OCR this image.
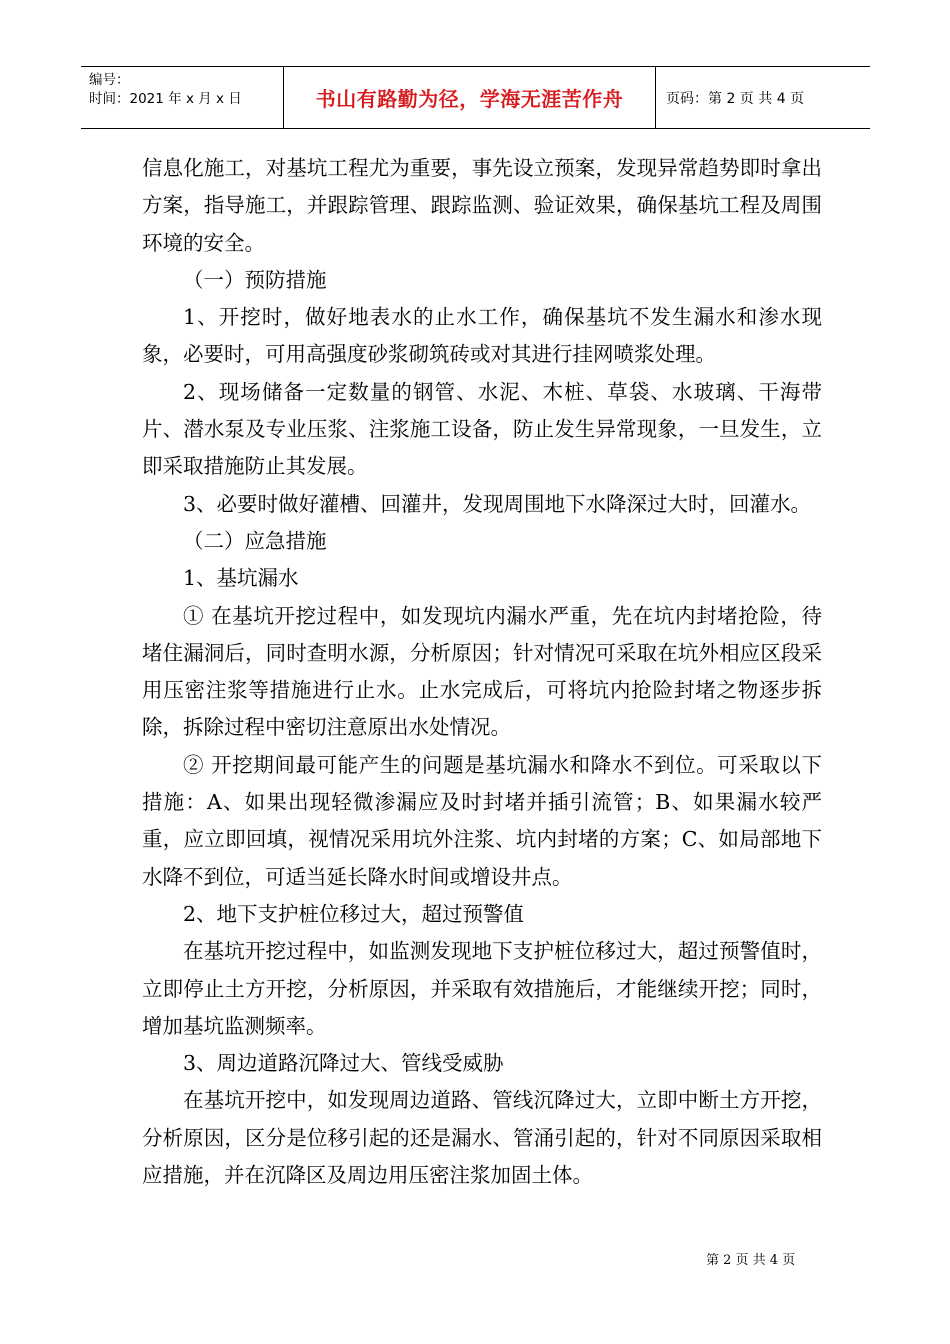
编号：
时间：2021 年 x 月 x 日	书山有路勤为径，学海无涯苦作舟	页码：第 2 页 共 4 页

信息化施工，对基坑工程尤为重要，事先设立预案，发现异常趋势即时拿出方案，指导施工，并跟踪管理、跟踪监测、验证效果，确保基坑工程及周围环境的安全。

（一）预防措施

1、开挖时，做好地表水的止水工作，确保基坑不发生漏水和渗水现象，必要时，可用高强度砂浆砌筑砖或对其进行挂网喷浆处理。

2、现场储备一定数量的钢管、水泥、木桩、草袋、水玻璃、干海带片、潜水泵及专业压浆、注浆施工设备，防止发生异常现象，一旦发生，立即采取措施防止其发展。

3、必要时做好灌槽、回灌井，发现周围地下水降深过大时，回灌水。

（二）应急措施

1、基坑漏水

① 在基坑开挖过程中，如发现坑内漏水严重，先在坑内封堵抢险，待堵住漏洞后，同时查明水源，分析原因；针对情况可采取在坑外相应区段采用压密注浆等措施进行止水。止水完成后，可将坑内抢险封堵之物逐步拆除，拆除过程中密切注意原出水处情况。

② 开挖期间最可能产生的问题是基坑漏水和降水不到位。可采取以下措施：A、如果出现轻微渗漏应及时封堵并插引流管；B、如果漏水较严重，应立即回填，视情况采用坑外注浆、坑内封堵的方案；C、如局部地下水降不到位，可适当延长降水时间或增设井点。

2、地下支护桩位移过大，超过预警值

在基坑开挖过程中，如监测发现地下支护桩位移过大，超过预警值时，立即停止土方开挖，分析原因，并采取有效措施后，才能继续开挖；同时，增加基坑监测频率。

3、周边道路沉降过大、管线受威胁

在基坑开挖中，如发现周边道路、管线沉降过大，立即中断土方开挖，分析原因，区分是位移引起的还是漏水、管涌引起的，针对不同原因采取相应措施，并在沉降区及周边用压密注浆加固土体。

第 2 页 共 4 页
